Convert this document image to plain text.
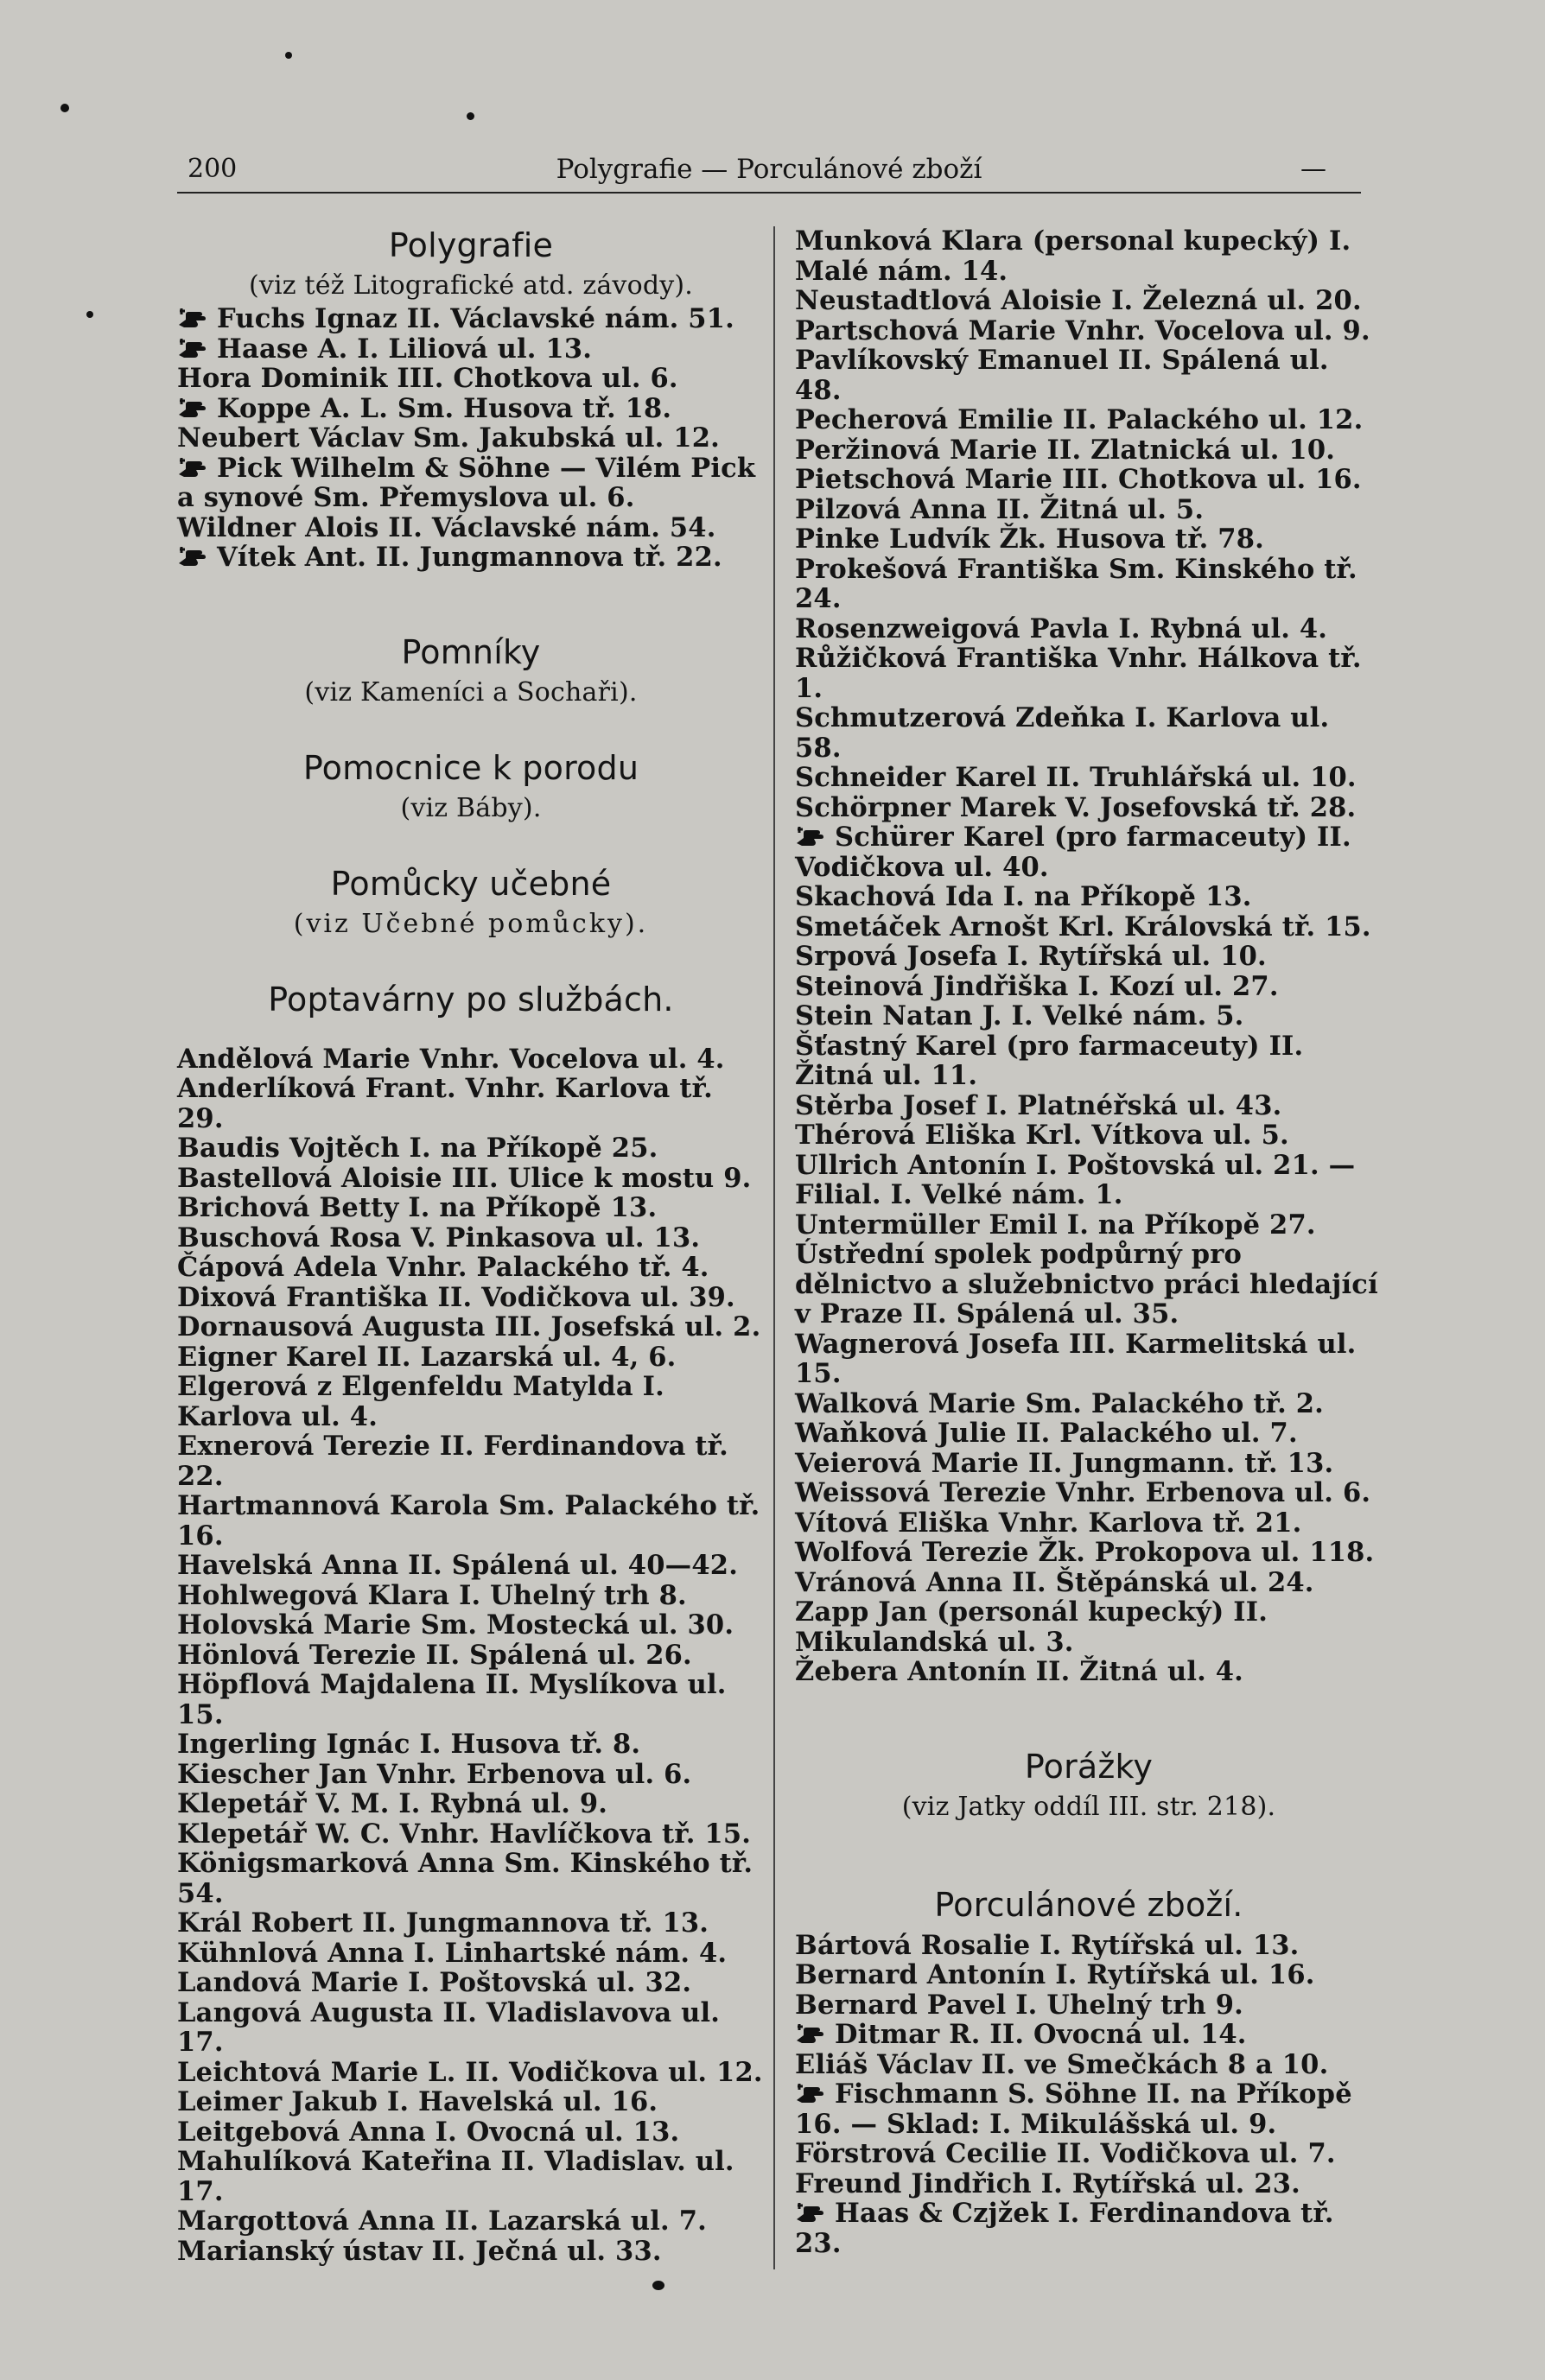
200	Polygrafie — Porculánové zboží	—
Polygrafie
(viz též Litografické atd. závody).
Fuchs Ignaz II. Václavské nám. 51.
Haase A. I. Liliová ul. 13.
Hora Dominik III. Chotkova ul. 6.
Koppe A. L. Sm. Husova tř. 18.
Neubert Václav Sm. Jakubská ul. 12.
Pick Wilhelm & Söhne — Vilém Pick a synové Sm. Přemyslova ul. 6.
Wildner Alois II. Václavské nám. 54.
Vítek Ant. II. Jungmannova tř. 22.
Pomníky
(viz Kameníci a Sochaři).
Pomocnice k porodu
(viz Báby).
Pomůcky učebné
(viz Učebné pomůcky).
Poptavárny po službách.
Andělová Marie Vnhr. Vocelova ul. 4.
Anderlíková Frant. Vnhr. Karlova tř. 29.
Baudis Vojtěch I. na Příkopě 25.
Bastellová Aloisie III. Ulice k mostu 9.
Brichová Betty I. na Příkopě 13.
Buschová Rosa V. Pinkasova ul. 13.
Čápová Adela Vnhr. Palackého tř. 4.
Dixová Františka II. Vodičkova ul. 39.
Dornausová Augusta III. Josefská ul. 2.
Eigner Karel II. Lazarská ul. 4, 6.
Elgerová z Elgenfeldu Matylda I. Karlova ul. 4.
Exnerová Terezie II. Ferdinandova tř. 22.
Hartmannová Karola Sm. Palackého tř. 16.
Havelská Anna II. Spálená ul. 40—42.
Hohlwegová Klara I. Uhelný trh 8.
Holovská Marie Sm. Mostecká ul. 30.
Hönlová Terezie II. Spálená ul. 26.
Höpflová Majdalena II. Myslíkova ul. 15.
Ingerling Ignác I. Husova tř. 8.
Kiescher Jan Vnhr. Erbenova ul. 6.
Klepetář V. M. I. Rybná ul. 9.
Klepetář W. C. Vnhr. Havlíčkova tř. 15.
Königsmarková Anna Sm. Kinského tř. 54.
Král Robert II. Jungmannova tř. 13.
Kühnlová Anna I. Linhartské nám. 4.
Landová Marie I. Poštovská ul. 32.
Langová Augusta II. Vladislavova ul. 17.
Leichtová Marie L. II. Vodičkova ul. 12.
Leimer Jakub I. Havelská ul. 16.
Leitgebová Anna I. Ovocná ul. 13.
Mahulíková Kateřina II. Vladislav. ul. 17.
Margottová Anna II. Lazarská ul. 7.
Marianský ústav II. Ječná ul. 33.
Munková Klara (personal kupecký) I. Malé nám. 14.
Neustadtlová Aloisie I. Železná ul. 20.
Partschová Marie Vnhr. Vocelova ul. 9.
Pavlíkovský Emanuel II. Spálená ul. 48.
Pecherová Emilie II. Palackého ul. 12.
Peržinová Marie II. Zlatnická ul. 10.
Pietschová Marie III. Chotkova ul. 16.
Pilzová Anna II. Žitná ul. 5.
Pinke Ludvík Žk. Husova tř. 78.
Prokešová Františka Sm. Kinského tř. 24.
Rosenzweigová Pavla I. Rybná ul. 4.
Růžičková Františka Vnhr. Hálkova tř. 1.
Schmutzerová Zdeňka I. Karlova ul. 58.
Schneider Karel II. Truhlářská ul. 10.
Schörpner Marek V. Josefovská tř. 28.
Schürer Karel (pro farmaceuty) II. Vodičkova ul. 40.
Skachová Ida I. na Příkopě 13.
Smetáček Arnošt Krl. Královská tř. 15.
Srpová Josefa I. Rytířská ul. 10.
Steinová Jindřiška I. Kozí ul. 27.
Stein Natan J. I. Velké nám. 5.
Šťastný Karel (pro farmaceuty) II. Žitná ul. 11.
Stěrba Josef I. Platnéřská ul. 43.
Thérová Eliška Krl. Vítkova ul. 5.
Ullrich Antonín I. Poštovská ul. 21. — Filial. I. Velké nám. 1.
Untermüller Emil I. na Příkopě 27.
Ústřední spolek podpůrný pro dělnictvo a služebnictvo práci hledající v Praze II. Spálená ul. 35.
Wagnerová Josefa III. Karmelitská ul. 15.
Walková Marie Sm. Palackého tř. 2.
Waňková Julie II. Palackého ul. 7.
Veierová Marie II. Jungmann. tř. 13.
Weissová Terezie Vnhr. Erbenova ul. 6.
Vítová Eliška Vnhr. Karlova tř. 21.
Wolfová Terezie Žk. Prokopova ul. 118.
Vránová Anna II. Štěpánská ul. 24.
Zapp Jan (personál kupecký) II. Mikulandská ul. 3.
Žebera Antonín II. Žitná ul. 4.
Porážky
(viz Jatky oddíl III. str. 218).
Porculánové zboží.
Bártová Rosalie I. Rytířská ul. 13.
Bernard Antonín I. Rytířská ul. 16.
Bernard Pavel I. Uhelný trh 9.
Ditmar R. II. Ovocná ul. 14.
Eliáš Václav II. ve Smečkách 8 a 10.
Fischmann S. Söhne II. na Příkopě 16. — Sklad: I. Mikulášská ul. 9.
Förstrová Cecilie II. Vodičkova ul. 7.
Freund Jindřich I. Rytířská ul. 23.
Haas & Czjžek I. Ferdinandova tř. 23.
